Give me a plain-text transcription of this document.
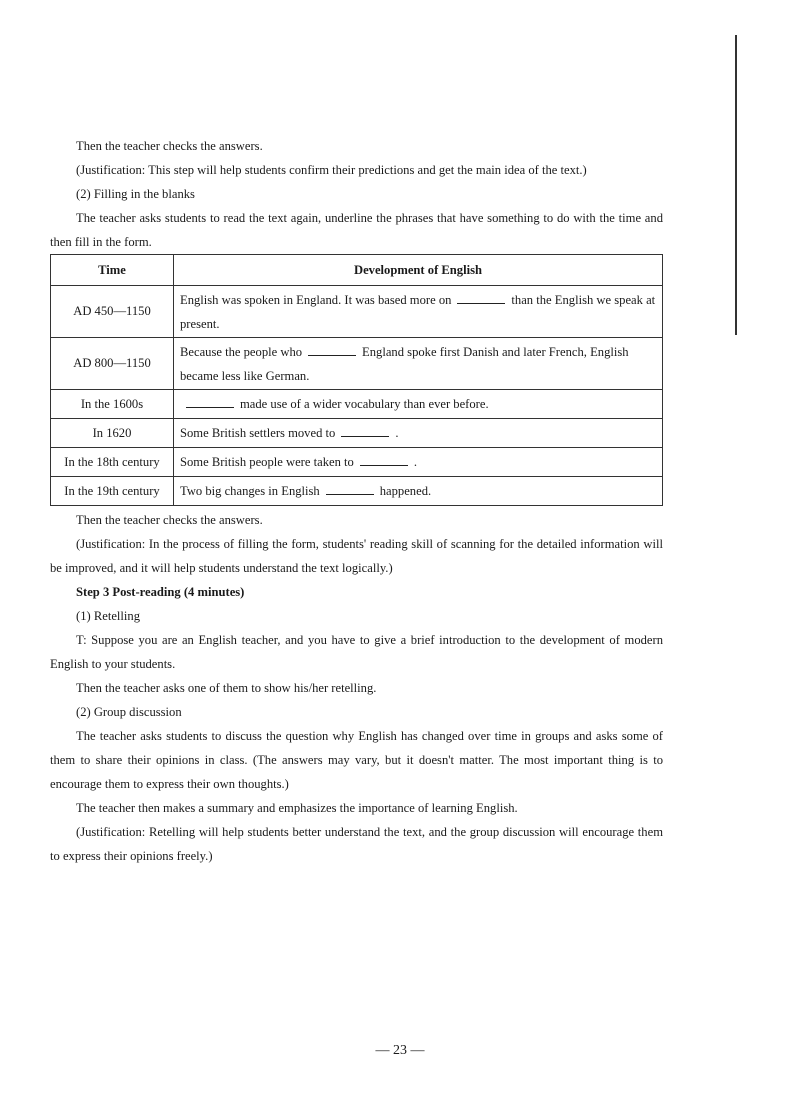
Then the teacher checks the answers.

(Justification: This step will help students confirm their predictions and get the main idea of the text.)

(2) Filling in the blanks

The teacher asks students to read the text again, underline the phrases that have something to do with the time and then fill in the form.

Time	Development of English
AD 450—1150	English was spoken in England. It was based more on than the English we speak at present.
AD 800—1150	Because the people who England spoke first Danish and later French, English became less like German.
In the 1600s	made use of a wider vocabulary than ever before.
In 1620	Some British settlers moved to .
In the 18th century	Some British people were taken to .
In the 19th century	Two big changes in English happened.

Then the teacher checks the answers.

(Justification: In the process of filling the form, students' reading skill of scanning for the detailed information will be improved, and it will help students understand the text logically.)

Step 3 Post-reading (4 minutes)

(1) Retelling

T: Suppose you are an English teacher, and you have to give a brief introduction to the development of modern English to your students.

Then the teacher asks one of them to show his/her retelling.

(2) Group discussion

The teacher asks students to discuss the question why English has changed over time in groups and asks some of them to share their opinions in class. (The answers may vary, but it doesn't matter. The most important thing is to encourage them to express their own thoughts.)

The teacher then makes a summary and emphasizes the importance of learning English.

(Justification: Retelling will help students better understand the text, and the group discussion will encourage them to express their opinions freely.)

— 23 —
